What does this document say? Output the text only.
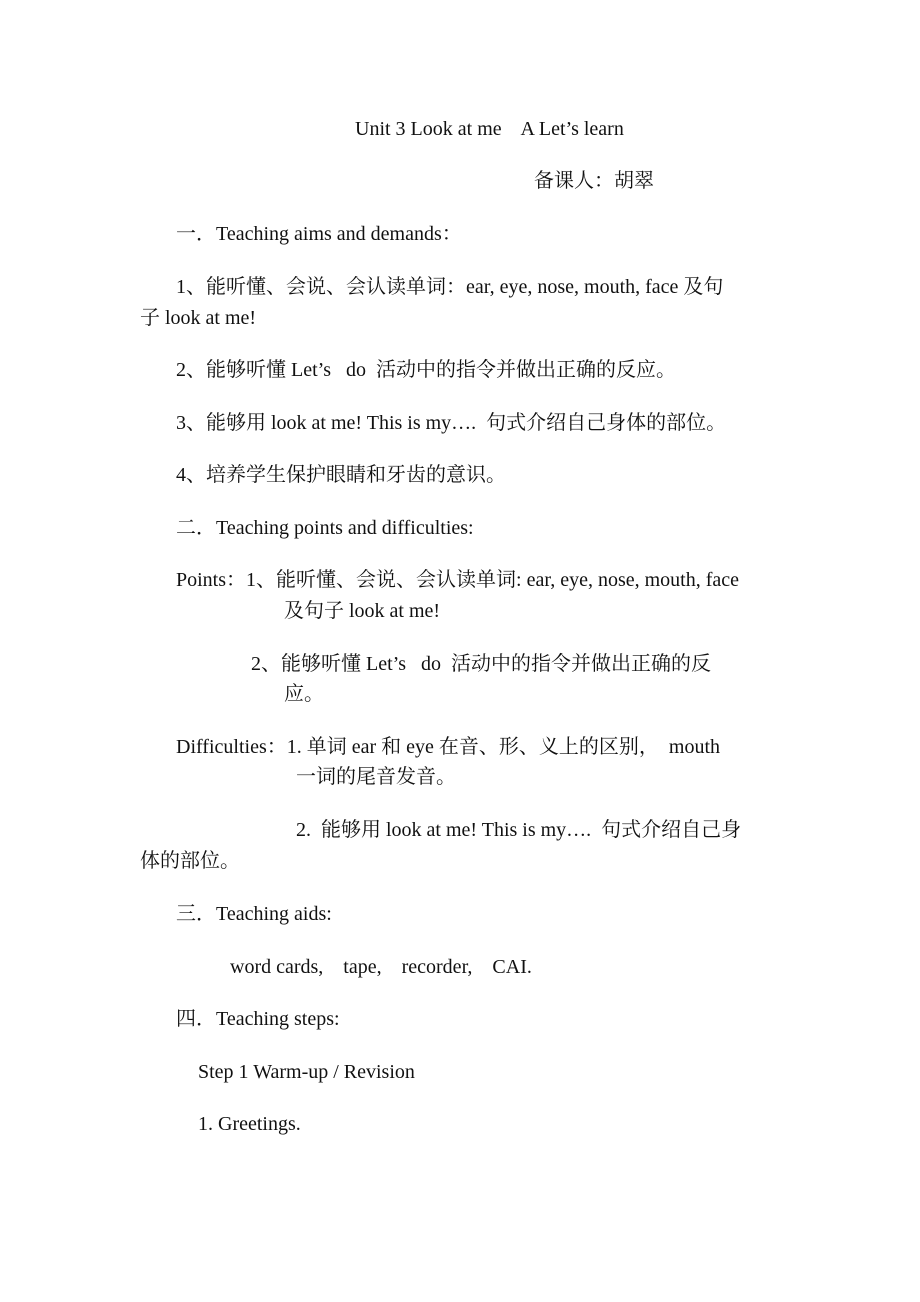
Unit 3 Look at me    A Let’s learn
备课人：胡翠
一．Teaching aims and demands：
1、能听懂、会说、会认读单词：ear, eye, nose, mouth, face 及句
子 look at me!
2、能够听懂 Let’s   do  活动中的指令并做出正确的反应。
3、能够用 look at me! This is my….  句式介绍自己身体的部位。
4、培养学生保护眼睛和牙齿的意识。
二．Teaching points and difficulties:
Points：1、能听懂、会说、会认读单词: ear, eye, nose, mouth, face
及句子 look at me!
2、能够听懂 Let’s   do  活动中的指令并做出正确的反
应。
Difficulties：1. 单词 ear 和 eye 在音、形、义上的区别，  mouth
一词的尾音发音。
2.  能够用 look at me! This is my….  句式介绍自己身
体的部位。
三．Teaching aids:
word cards,    tape,    recorder,    CAI.
四．Teaching steps:
Step 1 Warm-up / Revision
1. Greetings.
